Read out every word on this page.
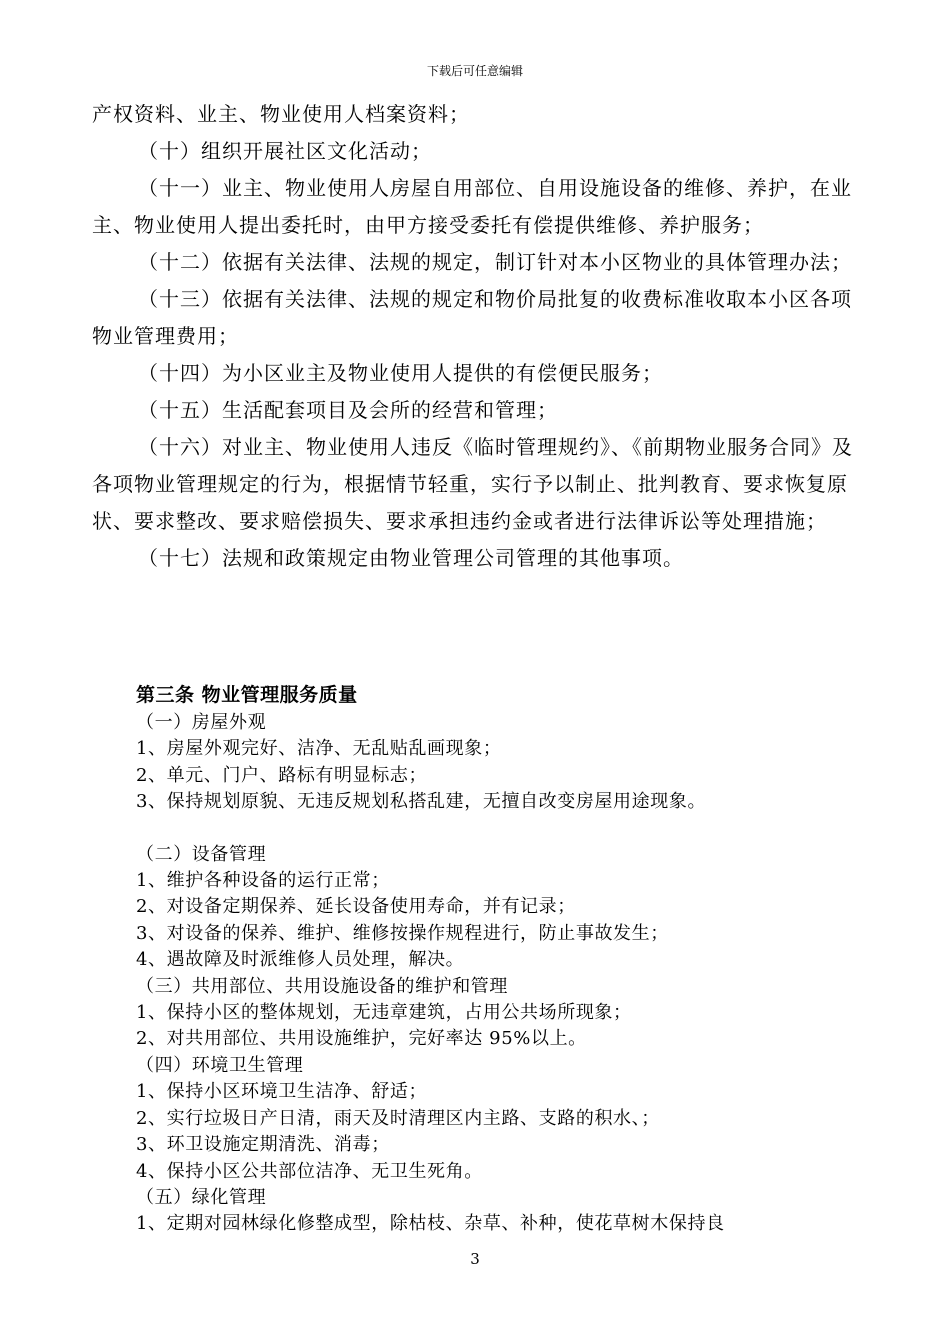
下载后可任意编辑

产权资料、业主、物业使用人档案资料；

（十）组织开展社区文化活动；

（十一）业主、物业使用人房屋自用部位、自用设施设备的维修、养护，在业主、物业使用人提出委托时，由甲方接受委托有偿提供维修、养护服务；

（十二）依据有关法律、法规的规定，制订针对本小区物业的具体管理办法；

（十三）依据有关法律、法规的规定和物价局批复的收费标准收取本小区各项物业管理费用；

（十四）为小区业主及物业使用人提供的有偿便民服务；

（十五）生活配套项目及会所的经营和管理；

（十六）对业主、物业使用人违反《临时管理规约》、《前期物业服务合同》及各项物业管理规定的行为，根据情节轻重，实行予以制止、批判教育、要求恢复原状、要求整改、要求赔偿损失、要求承担违约金或者进行法律诉讼等处理措施；

（十七）法规和政策规定由物业管理公司管理的其他事项。

第三条 物业管理服务质量

（一）房屋外观

1、房屋外观完好、洁净、无乱贴乱画现象；

2、单元、门户、路标有明显标志；

3、保持规划原貌、无违反规划私搭乱建，无擅自改变房屋用途现象。

（二）设备管理

1、维护各种设备的运行正常；

2、对设备定期保养、延长设备使用寿命，并有记录；

3、对设备的保养、维护、维修按操作规程进行，防止事故发生；

4、遇故障及时派维修人员处理，解决。

（三）共用部位、共用设施设备的维护和管理

1、保持小区的整体规划，无违章建筑，占用公共场所现象；

2、对共用部位、共用设施维护，完好率达 95%以上。

（四）环境卫生管理

1、保持小区环境卫生洁净、舒适；

2、实行垃圾日产日清，雨天及时清理区内主路、支路的积水、；

3、环卫设施定期清洗、消毒；

4、保持小区公共部位洁净、无卫生死角。

（五）绿化管理

1、定期对园林绿化修整成型，除枯枝、杂草、补种，使花草树木保持良

3
